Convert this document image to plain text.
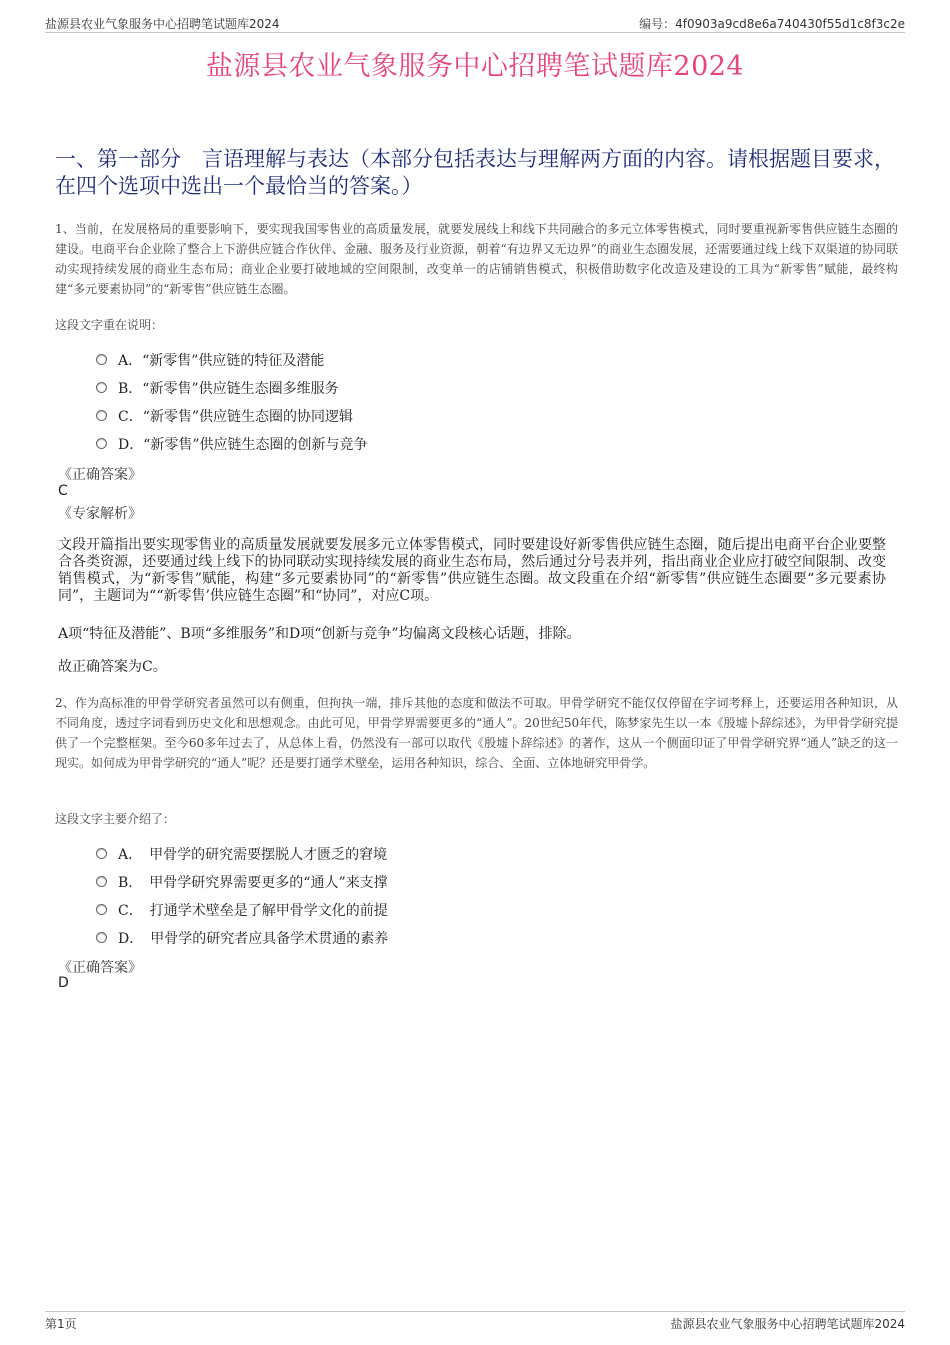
盐源县农业气象服务中心招聘笔试题库2024	编号：4f0903a9cd8e6a740430f55d1c8f3c2e
盐源县农业气象服务中心招聘笔试题库2024
一、第一部分　言语理解与表达（本部分包括表达与理解两方面的内容。请根据题目要求，在四个选项中选出一个最恰当的答案。）
1、当前，在发展格局的重要影响下，要实现我国零售业的高质量发展，就要发展线上和线下共同融合的多元立体零售模式，同时要重视新零售供应链生态圈的建设。电商平台企业除了整合上下游供应链合作伙伴、金融、服务及行业资源，朝着“有边界又无边界”的商业生态圈发展，还需要通过线上线下双渠道的协同联动实现持续发展的商业生态布局；商业企业要打破地域的空间限制，改变单一的店铺销售模式，积极借助数字化改造及建设的工具为“新零售”赋能，最终构建“多元要素协同”的“新零售”供应链生态圈。
这段文字重在说明：
A．“新零售”供应链的特征及潜能
B．“新零售”供应链生态圈多维服务
C．“新零售”供应链生态圈的协同逻辑
D．“新零售”供应链生态圈的创新与竞争
《正确答案》
C
《专家解析》
文段开篇指出要实现零售业的高质量发展就要发展多元立体零售模式，同时要建设好新零售供应链生态圈，随后提出电商平台企业要整合各类资源，还要通过线上线下的协同联动实现持续发展的商业生态布局，然后通过分号表并列，指出商业企业应打破空间限制、改变销售模式，为“新零售”赋能，构建“多元要素协同”的“新零售”供应链生态圈。故文段重在介绍“新零售”供应链生态圈要“多元要素协同”，主题词为““新零售’供应链生态圈”和“协同”，对应C项。
A项“特征及潜能”、B项“多维服务”和D项“创新与竞争”均偏离文段核心话题，排除。
故正确答案为C。
2、作为高标准的甲骨学研究者虽然可以有侧重，但拘执一端，排斥其他的态度和做法不可取。甲骨学研究不能仅仅停留在字词考释上，还要运用各种知识，从不同角度，透过字词看到历史文化和思想观念。由此可见，甲骨学界需要更多的“通人”。20世纪50年代，陈梦家先生以一本《殷墟卜辞综述》，为甲骨学研究提供了一个完整框架。至今60多年过去了，从总体上看，仍然没有一部可以取代《殷墟卜辞综述》的著作，这从一个侧面印证了甲骨学研究界“通人”缺乏的这一现实。如何成为甲骨学研究的“通人”呢？还是要打通学术壁垒，运用各种知识，综合、全面、立体地研究甲骨学。
这段文字主要介绍了：
A．　甲骨学的研究需要摆脱人才匮乏的窘境
B．　甲骨学研究界需要更多的“通人”来支撑
C．　打通学术壁垒是了解甲骨学文化的前提
D．　甲骨学的研究者应具备学术贯通的素养
《正确答案》
D
第1页	盐源县农业气象服务中心招聘笔试题库2024
